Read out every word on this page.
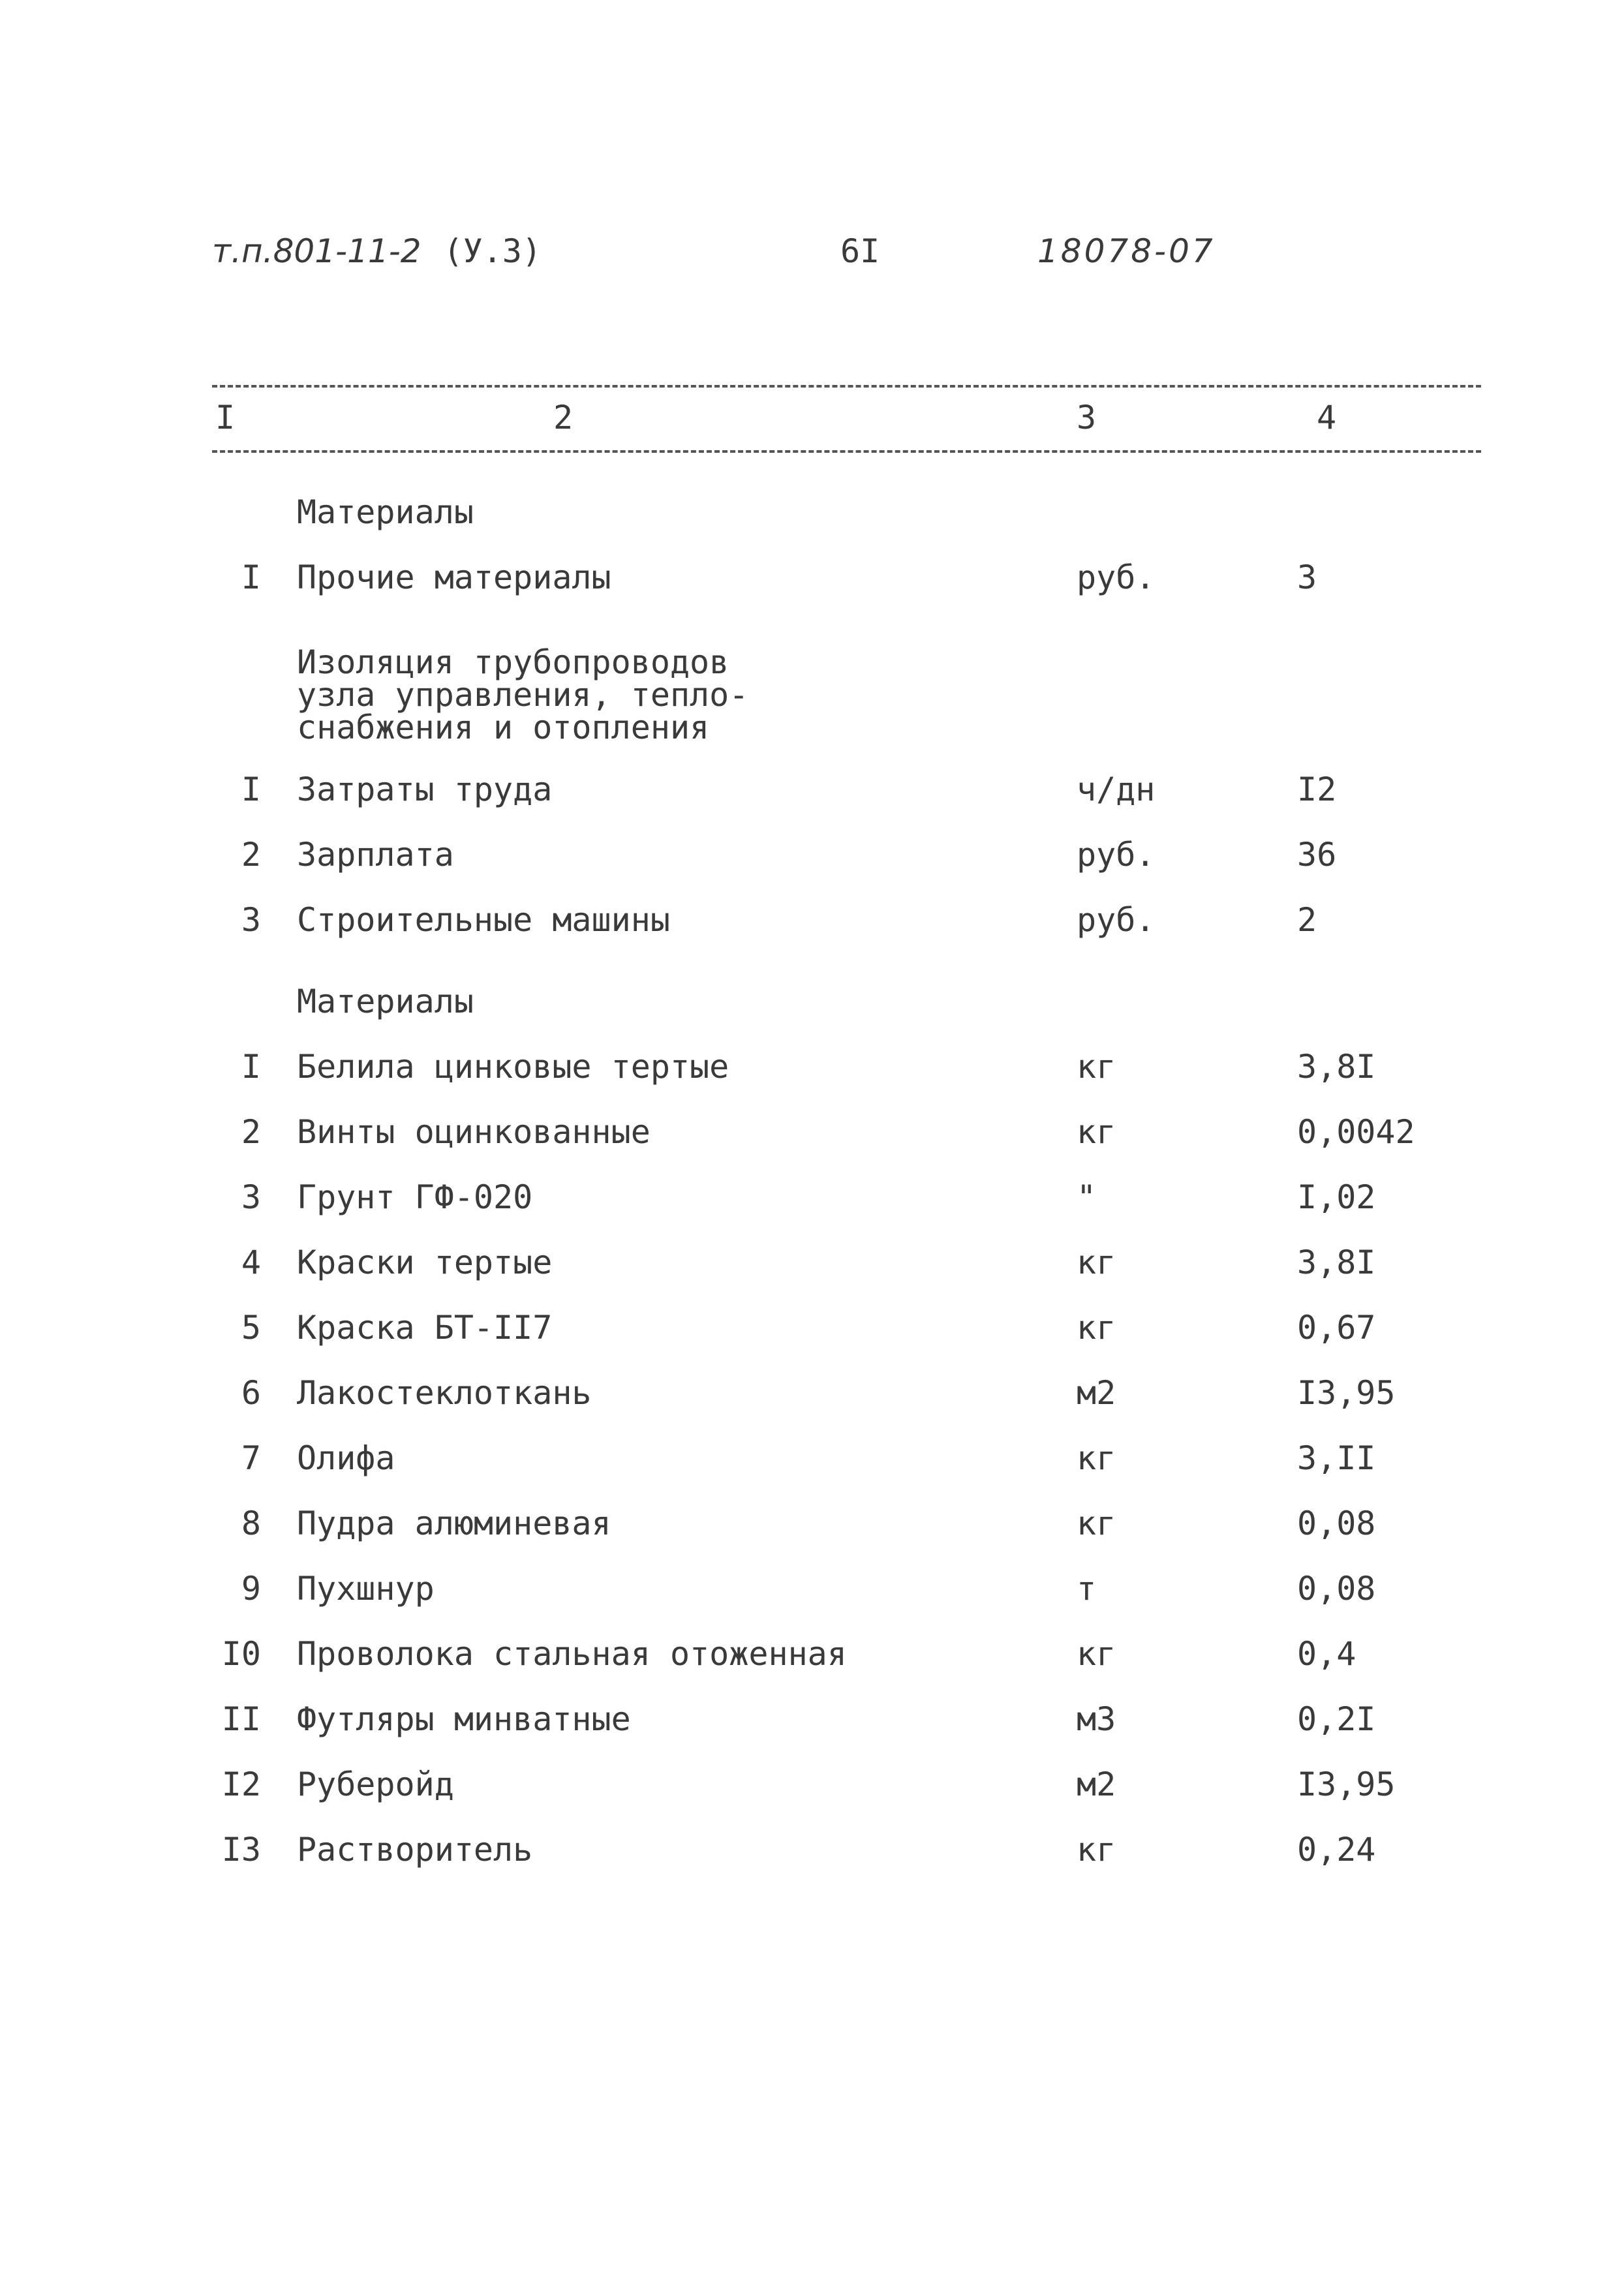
т.п.801-11-2 (У.3)	6I	18078-07
I	2	3	4
Материалы
I Прочие материалы	руб.	3
Изоляция трубопроводов
узла управления, тепло-
снабжения и отопления
I Затраты труда	ч/дн	I2
2 Зарплата	руб.	36
3 Строительные машины	руб.	2
Материалы
I Белила цинковые тертые	кг	3,8I
2 Винты оцинкованные	кг	0,0042
3 Грунт ГФ-020	"	I,02
4 Краски тертые	кг	3,8I
5 Краска БТ-II7	кг	0,67
6 Лакостеклоткань	м2	I3,95
7 Олифа	кг	3,II
8 Пудра алюминевая	кг	0,08
9 Пухшнур	т	0,08
I0 Проволока стальная отоженная	кг	0,4
II Футляры минватные	м3	0,2I
I2 Руберойд	м2	I3,95
I3 Растворитель	кг	0,24
